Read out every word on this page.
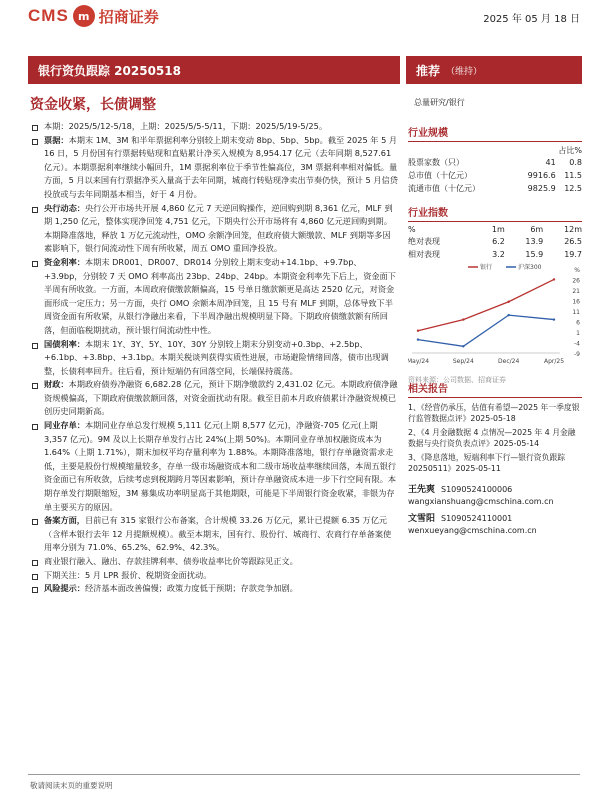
CMS m 招商证券	2025 年 05 月 18 日
银行资负跟踪 20250518	推荐 （维持）
资金收紧，长债调整	总量研究/银行

本期：2025/5/12-5/18，上期：2025/5/5-5/11，下期：2025/5/19-5/25。

票据：本期末 1M、3M 和半年票据利率分别较上期末变动 8bp、5bp、5bp。截至 2025 年 5 月 16 日，5 月份国有行票据转贴现和直贴累计净买入规模为 8,954.17 亿元（去年同期 8,527.61 亿元）。本期票据利率继续小幅回升，1M 票据利率位于季节性偏高位，3M 票据利率相对偏低。量方面，5 月以来国有行票据净买入量高于去年同期，城商行转贴现净卖出节奏仍快，预计 5 月信贷投放或与去年同期基本相当，好于 4 月份。

央行动态：央行公开市场共开展 4,860 亿元 7 天逆回购操作，逆回购到期 8,361 亿元，MLF 到期 1,250 亿元，整体实现净回笼 4,751 亿元，下期央行公开市场将有 4,860 亿元逆回购到期。本期降准落地，释放 1 万亿元流动性，OMO 余额净回笼，但政府债大额缴款、MLF 到期等多因素影响下，银行间流动性下周有所收紧，周五 OMO 重回净投放。

资金利率：本期末 DR001、DR007、DR014 分别较上期末变动+14.1bp、+9.7bp、+3.9bp，分别较 7 天 OMO 利率高出 23bp、24bp、24bp。本期资金利率先下后上，资金面下半周有所收敛。一方面，本周政府债缴款额偏高，15 号单日缴款额更是高达 2520 亿元，对资金面形成一定压力；另一方面，央行 OMO 余额本周净回笼，且 15 号有 MLF 到期，总体导致下半周资金面有所收紧，从银行净融出来看，下半周净融出规模明显下降。下期政府债缴款额有所回落，但面临税期扰动，预计银行间流动性中性。

国债利率：本期末 1Y、3Y、5Y、10Y、30Y 分别较上期末分别变动+0.3bp、+2.5bp、+6.1bp、+3.8bp、+3.1bp。本期关税谈判获得实质性进展，市场避险情绪回落，债市出现调整，长债利率回升。往后看，预计短端仍有回落空间，长端保持震荡。

财政：本期政府债券净融资 6,682.28 亿元，预计下期净缴款约 2,431.02 亿元。本期政府债净融资规模偏高，下期政府债缴款额回落，对资金面扰动有限。截至目前本月政府债累计净融资规模已创历史同期新高。

同业存单：本期同业存单总发行规模 5,111 亿元(上期 8,577 亿元)，净融资-705 亿元(上期 3,357 亿元)。9M 及以上长期存单发行占比 24%(上期 50%)。本期同业存单加权融资成本为 1.64%（上期 1.71%），期末加权平均存量利率为 1.88%。本期降准落地，银行存单融资需求走低，主要是股份行规模缩量较多，存单一级市场融资成本和二级市场收益率继续回落，本周五银行资金面已有所收敛，后续考虑到税期跨月等因素影响，预计存单融资成本进一步下行空间有限。本期存单发行期限缩短，3M 募集成功率明显高于其他期限，可能是下半周银行资金收紧，非银为存单主要买方的原因。

备案方面，目前已有 315 家银行公布备案，合计规模 33.26 万亿元，累计已提额 6.35 万亿元（含样本银行去年 12 月提额规模）。截至本期末，国有行、股份行、城商行、农商行存单备案使用率分别为 71.0%、65.2%、62.9%、42.3%。

商业银行融入、融出、存款挂牌利率、债券收益率比价等跟踪见正文。

下期关注：5 月 LPR 报价、税期资金面扰动。

风险提示：经济基本面改善偏慢；政策力度低于预期；存款竞争加剧。

行业规模
占比%
股票家数（只）	41	0.8
总市值（十亿元）	9916.6	11.5
流通市值（十亿元）	9825.9	12.5
行业指数
%	1m	6m	12m
绝对表现	6.2	13.9	26.5
相对表现	3.2	15.9	19.7
%
26
21
16
11
6
1
-4
-9
银行	沪深300
May/24	Sep/24	Dec/24	Apr/25
资料来源：公司数据、招商证券
相关报告
1、《经营仍承压，估值有希望—2025 年一季度银行监管数据点评》2025-05-18
2、《4 月金融数据 4 点情况—2025 年 4 月金融数据与央行资负表点评》2025-05-14
3、《降息落地，短端利率下行—银行资负跟踪 20250511》2025-05-11
王先爽 S1090524100006
wangxianshuang@cmschina.com.cn
文雪阳 S1090524110001
wenxueyang@cmschina.com.cn
敬请阅读末页的重要说明
